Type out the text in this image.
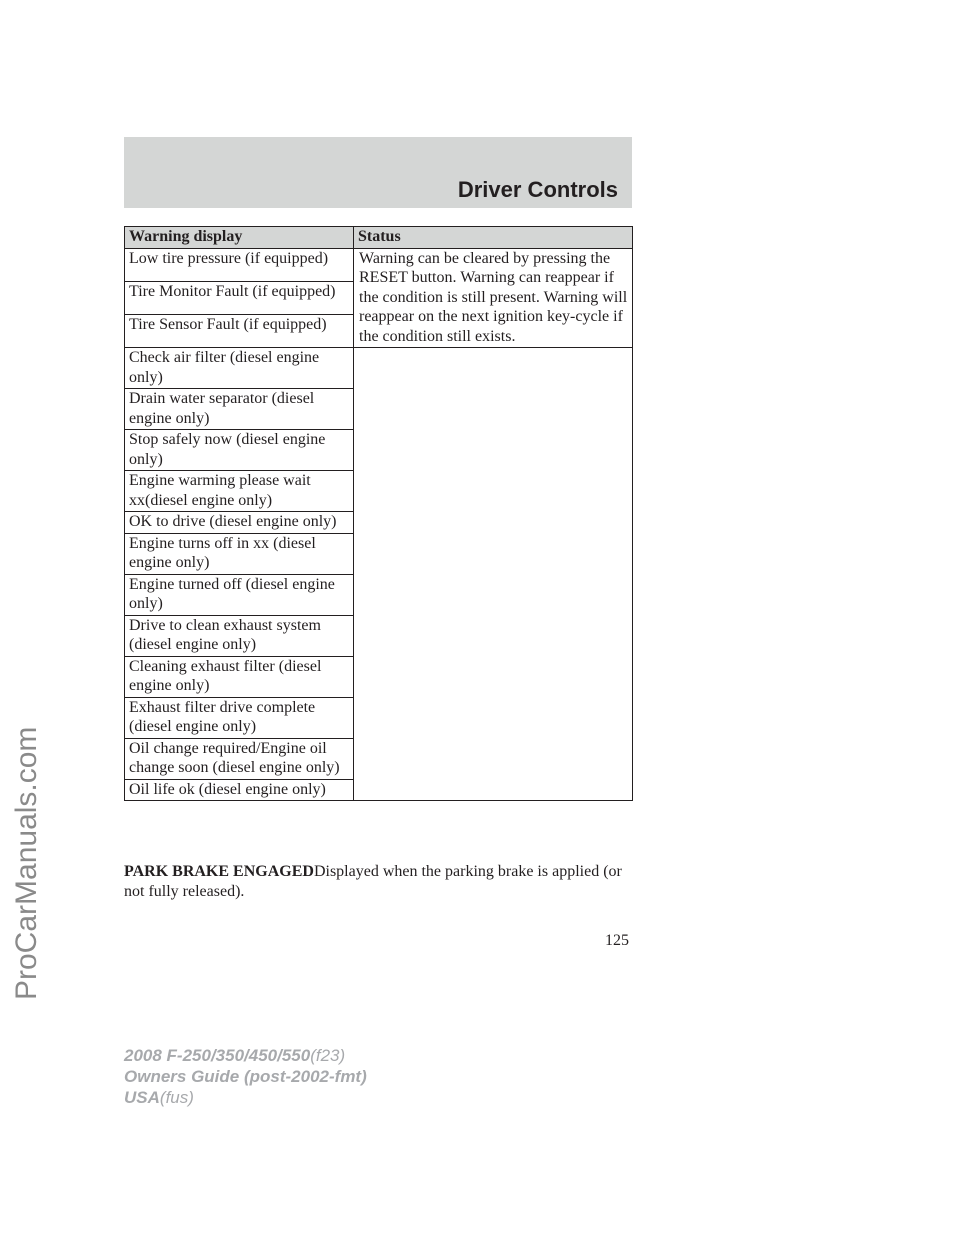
Driver Controls
ProCarManuals.com
Warning display	Status
Low tire pressure (if equipped)	Warning can be cleared by pressing the RESET button. Warning can reappear if the condition is still present. Warning will reappear on the next ignition key-cycle if the condition still exists.
Tire Monitor Fault (if equipped)	
Tire Sensor Fault (if equipped)	
Check air filter (diesel engine only)	
Drain water separator (diesel engine only)	
Stop safely now (diesel engine only)	
Engine warming please wait xx(diesel engine only)	
OK to drive (diesel engine only)	
Engine turns off in xx (diesel engine only)	
Engine turned off (diesel engine only)	
Drive to clean exhaust system (diesel engine only)	
Cleaning exhaust filter (diesel engine only)	
Exhaust filter drive complete (diesel engine only)	
Oil change required/Engine oil change soon (diesel engine only)	
Oil life ok (diesel engine only)	

PARK BRAKE ENGAGEDDisplayed when the parking brake is applied (or not fully released).

125
2008 F-250/350/450/550(f23)
Owners Guide (post-2002-fmt)
USA(fus)
